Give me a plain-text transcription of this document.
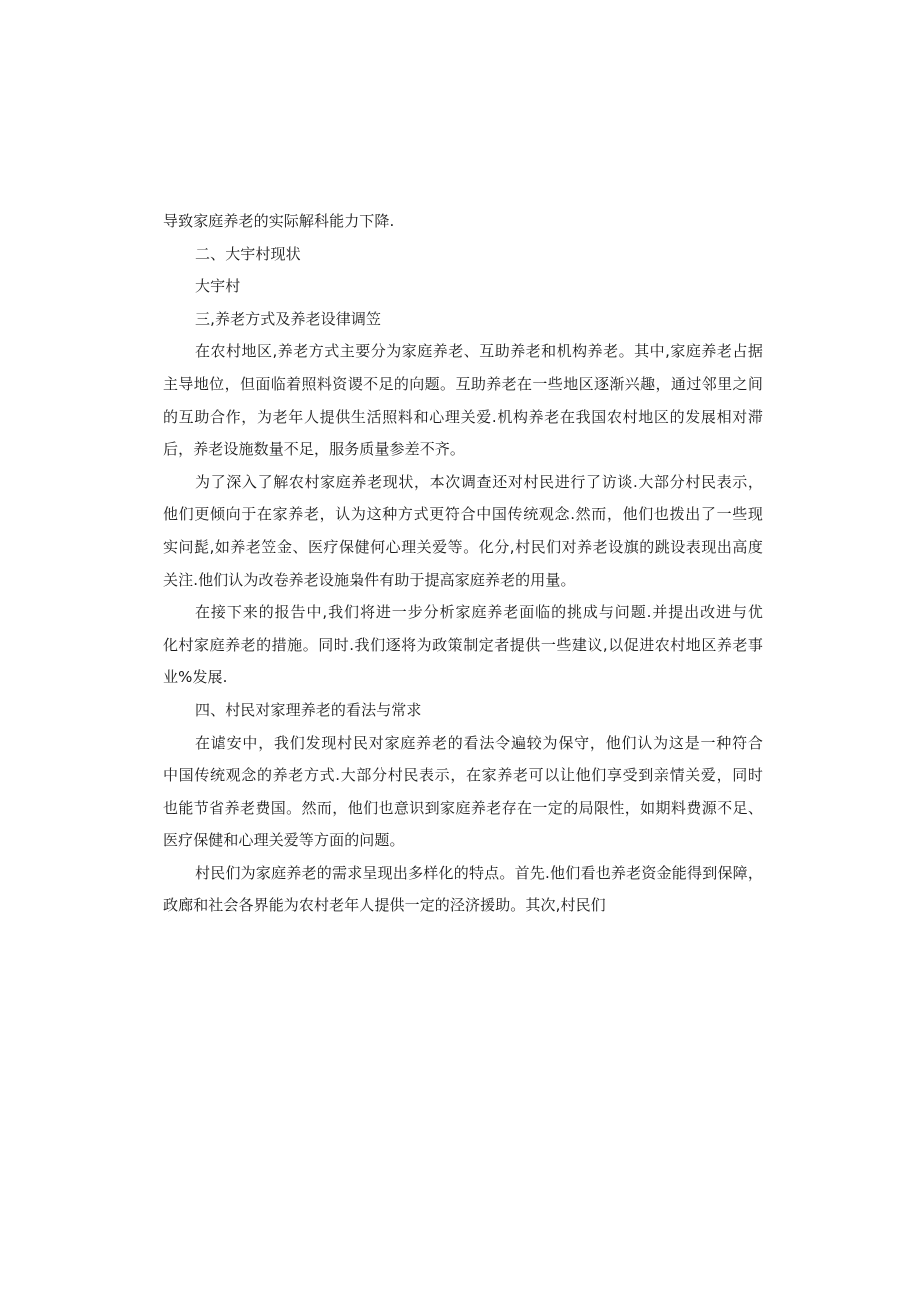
导致家庭养老的实际解科能力下降.
二、大宇村现状
大宇村
三,养老方式及养老设律调笠
在农村地区,养老方式主要分为家庭养老、互助养老和机构养老。其中,家庭养老占据
主导地位，但面临着照料资谡不足的向题。互助养老在一些地区逐渐兴趣，通过邻里之间
的互助合作，为老年人提供生活照料和心理关爱.机构养老在我国农村地区的发展相对滞
后，养老设施数量不足，服务质量参差不齐。
为了深入了解农村家庭养老现状，本次调查还对村民进行了访谈.大部分村民表示，
他们更倾向于在家养老，认为这种方式更符合中国传统观念.然而，他们也拨出了一些现
实问髭,如养老笠金、医疗保健何心理关爱等。化分,村民们对养老设旗的跳设表现出高度
关注.他们认为改卷养老设施枭件有助于提高家庭养老的用量。
在接下来的报告中,我们将进一步分析家庭养老面临的挑成与问题.并提出改进与优
化村家庭养老的措施。同时.我们逐将为政策制定者提供一些建议,以促进农村地区养老事
业%发展.
四、村民对家理养老的看法与常求
在谑安中，我们发现村民对家庭养老的看法令遍较为保守，他们认为这是一种符合
中国传统观念的养老方式.大部分村民表示，在家养老可以让他们享受到亲情关爱，同时
也能节省养老费国。然而，他们也意识到家庭养老存在一定的局限性，如期料费源不足、
医疗保健和心理关爱等方面的问题。
村民们为家庭养老的需求呈现出多样化的特点。首先.他们看也养老资金能得到保障，
政廊和社会各界能为农村老年人提供一定的泾济援助。其次,村民们
